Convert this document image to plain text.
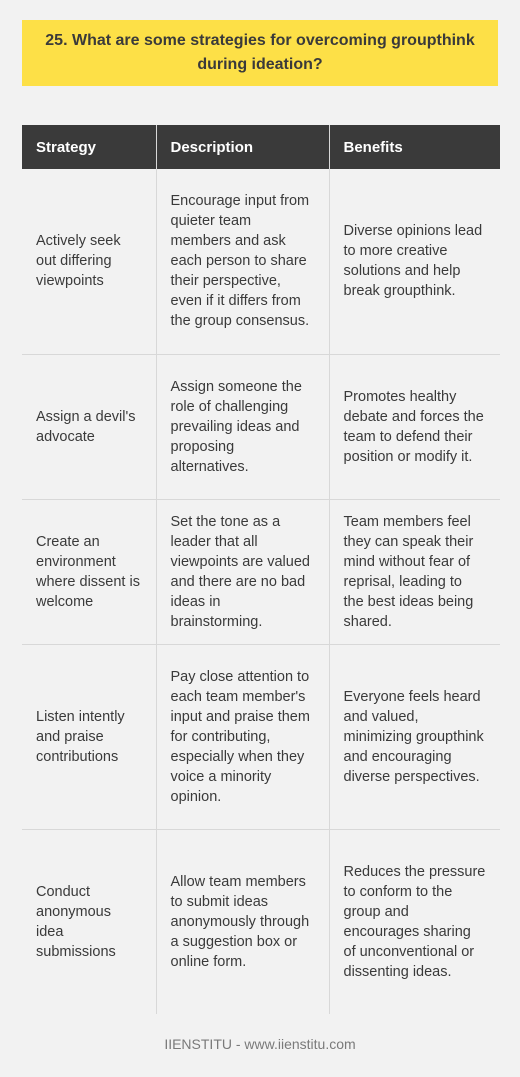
25. What are some strategies for overcoming groupthink during ideation?
Strategy	Description	Benefits
Actively seek out differing viewpoints	Encourage input from quieter team members and ask each person to share their perspective, even if it differs from the group consensus.	Diverse opinions lead to more creative solutions and help break groupthink.
Assign a devil's advocate	Assign someone the role of challenging prevailing ideas and proposing alternatives.	Promotes healthy debate and forces the team to defend their position or modify it.
Create an environment where dissent is welcome	Set the tone as a leader that all viewpoints are valued and there are no bad ideas in brainstorming.	Team members feel they can speak their mind without fear of reprisal, leading to the best ideas being shared.
Listen intently and praise contributions	Pay close attention to each team member's input and praise them for contributing, especially when they voice a minority opinion.	Everyone feels heard and valued, minimizing groupthink and encouraging diverse perspectives.
Conduct anonymous idea submissions	Allow team members to submit ideas anonymously through a suggestion box or online form.	Reduces the pressure to conform to the group and encourages sharing of unconventional or dissenting ideas.
IIENSTITU - www.iienstitu.com
